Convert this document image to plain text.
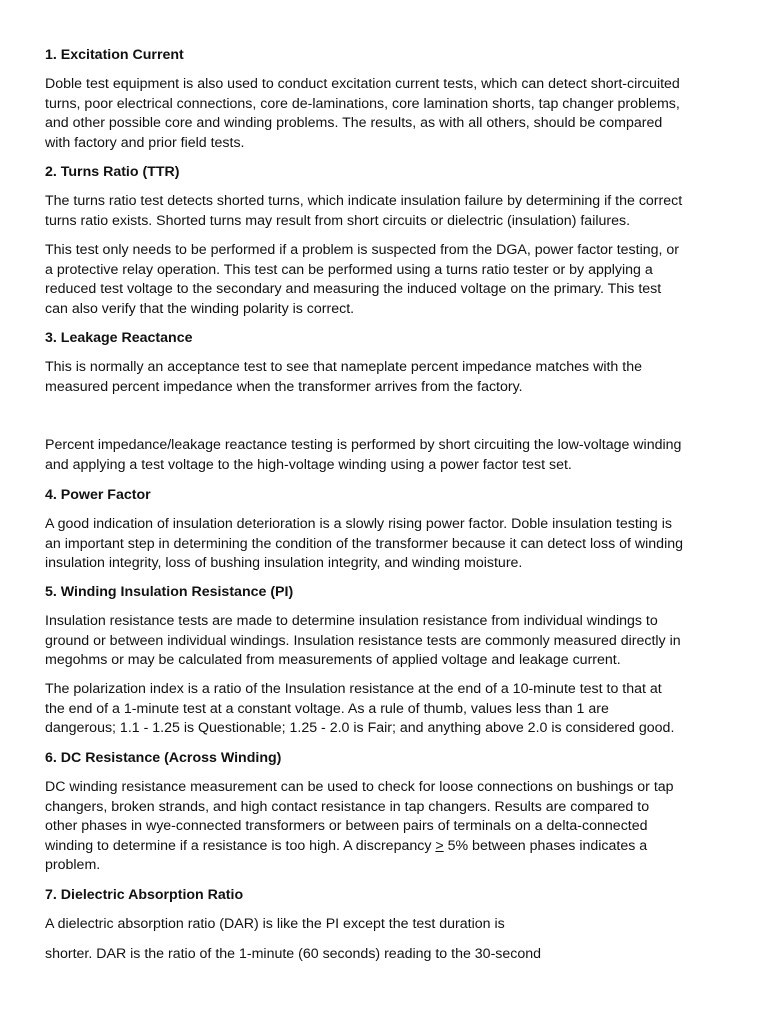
1. Excitation Current

Doble test equipment is also used to conduct excitation current tests, which can detect short-circuited
turns, poor electrical connections, core de-laminations, core lamination shorts, tap changer problems,
and other possible core and winding problems. The results, as with all others, should be compared
with factory and prior field tests.

2. Turns Ratio (TTR)

The turns ratio test detects shorted turns, which indicate insulation failure by determining if the correct
turns ratio exists. Shorted turns may result from short circuits or dielectric (insulation) failures.

This test only needs to be performed if a problem is suspected from the DGA, power factor testing, or
a protective relay operation. This test can be performed using a turns ratio tester or by applying a
reduced test voltage to the secondary and measuring the induced voltage on the primary. This test
can also verify that the winding polarity is correct.

3. Leakage Reactance

This is normally an acceptance test to see that nameplate percent impedance matches with the
measured percent impedance when the transformer arrives from the factory.

Percent impedance/leakage reactance testing is performed by short circuiting the low-voltage winding
and applying a test voltage to the high-voltage winding using a power factor test set.

4. Power Factor

A good indication of insulation deterioration is a slowly rising power factor. Doble insulation testing is
an important step in determining the condition of the transformer because it can detect loss of winding
insulation integrity, loss of bushing insulation integrity, and winding moisture.

5. Winding Insulation Resistance (PI)

Insulation resistance tests are made to determine insulation resistance from individual windings to
ground or between individual windings. Insulation resistance tests are commonly measured directly in
megohms or may be calculated from measurements of applied voltage and leakage current.

The polarization index is a ratio of the Insulation resistance at the end of a 10-minute test to that at
the end of a 1-minute test at a constant voltage. As a rule of thumb, values less than 1 are
dangerous; 1.1 - 1.25 is Questionable; 1.25 - 2.0 is Fair; and anything above 2.0 is considered good.

6. DC Resistance (Across Winding)

DC winding resistance measurement can be used to check for loose connections on bushings or tap
changers, broken strands, and high contact resistance in tap changers. Results are compared to
other phases in wye-connected transformers or between pairs of terminals on a delta-connected
winding to determine if a resistance is too high. A discrepancy ≥ 5% between phases indicates a
problem.

7. Dielectric Absorption Ratio

A dielectric absorption ratio (DAR) is like the PI except the test duration is

shorter. DAR is the ratio of the 1-minute (60 seconds) reading to the 30-second
